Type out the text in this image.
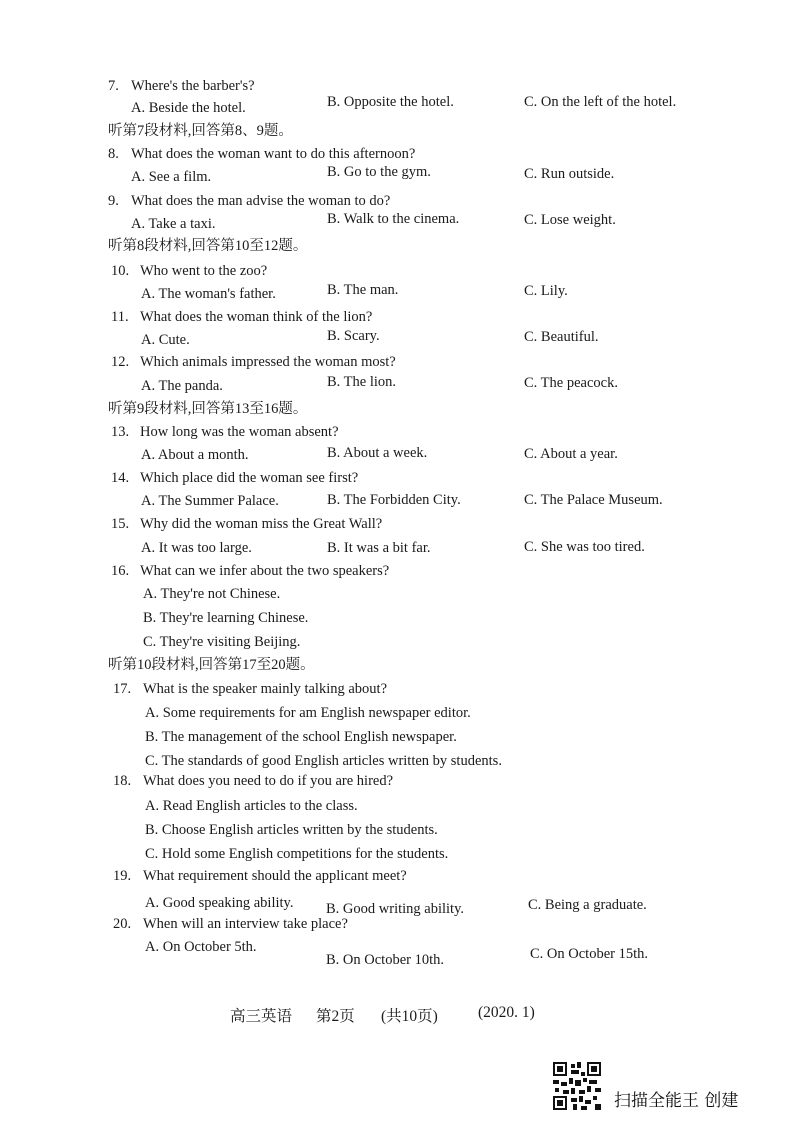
7. Where's the barber's?
A. Beside the hotel.	B. Opposite the hotel.	C. On the left of the hotel.
听第7段材料,回答第8、9题。
8. What does the woman want to do this afternoon?
A. See a film.	B. Go to the gym.	C. Run outside.
9. What does the man advise the woman to do?
A. Take a taxi.	B. Walk to the cinema.	C. Lose weight.
听第8段材料,回答第10至12题。
10. Who went to the zoo?
A. The woman's father.	B. The man.	C. Lily.
11. What does the woman think of the lion?
A. Cute.	B. Scary.	C. Beautiful.
12. Which animals impressed the woman most?
A. The panda.	B. The lion.	C. The peacock.
听第9段材料,回答第13至16题。
13. How long was the woman absent?
A. About a month.	B. About a week.	C. About a year.
14. Which place did the woman see first?
A. The Summer Palace.	B. The Forbidden City.	C. The Palace Museum.
15. Why did the woman miss the Great Wall?
A. It was too large.	B. It was a bit far.	C. She was too tired.
16. What can we infer about the two speakers?
A. They're not Chinese.
B. They're learning Chinese.
C. They're visiting Beijing.
听第10段材料,回答第17至20题。
17. What is the speaker mainly talking about?
A. Some requirements for am English newspaper editor.
B. The management of the school English newspaper.
C. The standards of good English articles written by students.
18. What does you need to do if you are hired?
A. Read English articles to the class.
B. Choose English articles written by the students.
C. Hold some English competitions for the students.
19. What requirement should the applicant meet?
A. Good speaking ability. B. Good writing ability.	C. Being a graduate.
20. When will an interview take place?
A. On October 5th.
B. On October 10th.	C. On October 15th.
高三英语 第2页 (共10页)	(2020. 1)
扫描全能王 创建
